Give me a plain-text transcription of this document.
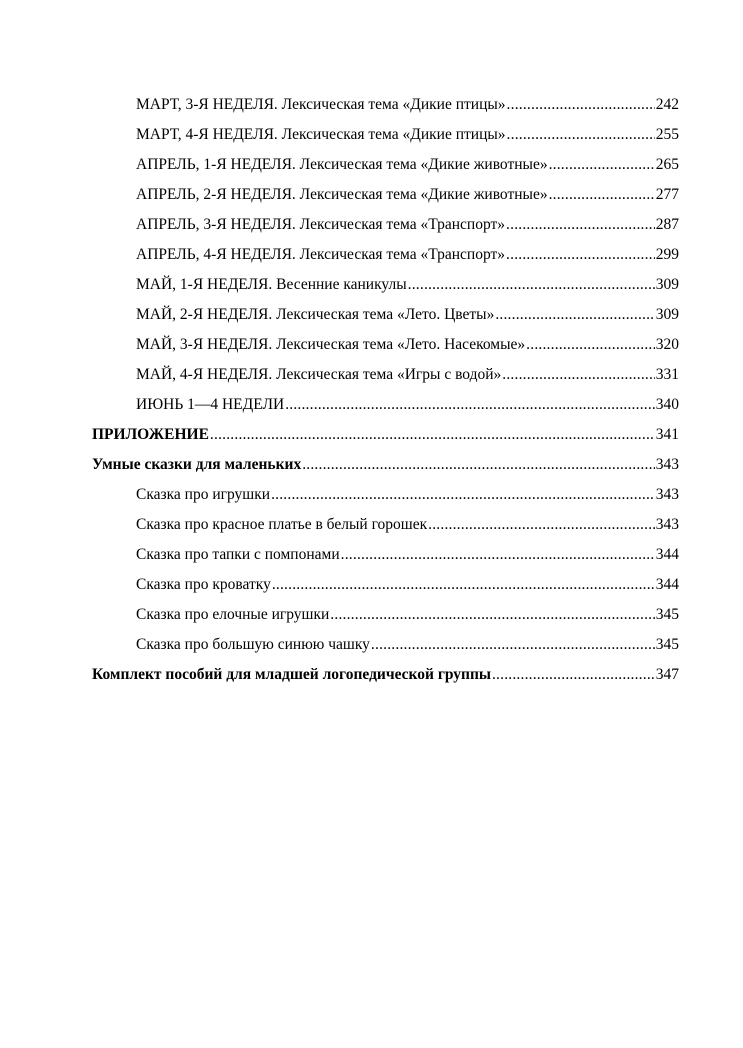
МАРТ, 3-Я НЕДЕЛЯ. Лексическая тема «Дикие птицы» .....	242
МАРТ, 4-Я НЕДЕЛЯ. Лексическая тема «Дикие птицы» .....	255
АПРЕЛЬ, 1-Я НЕДЕЛЯ. Лексическая тема «Дикие животные» .....	265
АПРЕЛЬ, 2-Я НЕДЕЛЯ. Лексическая тема «Дикие животные» .....	277
АПРЕЛЬ, 3-Я НЕДЕЛЯ. Лексическая тема «Транспорт» .....	287
АПРЕЛЬ, 4-Я НЕДЕЛЯ. Лексическая тема «Транспорт» .....	299
МАЙ, 1-Я НЕДЕЛЯ. Весенние каникулы .....	309
МАЙ, 2-Я НЕДЕЛЯ. Лексическая тема «Лето. Цветы» .....	309
МАЙ, 3-Я НЕДЕЛЯ. Лексическая тема «Лето. Насекомые» .....	320
МАЙ, 4-Я НЕДЕЛЯ. Лексическая тема «Игры с водой» .....	331
ИЮНЬ 1—4 НЕДЕЛИ .....	340
ПРИЛОЖЕНИЕ .....	341
Умные сказки для маленьких .....	343
Сказка про игрушки .....	343
Сказка про красное платье в белый горошек .....	343
Сказка про тапки с помпонами .....	344
Сказка про кроватку .....	344
Сказка про елочные игрушки .....	345
Сказка про большую синюю чашку .....	345
Комплект пособий для младшей логопедической группы .....	347
